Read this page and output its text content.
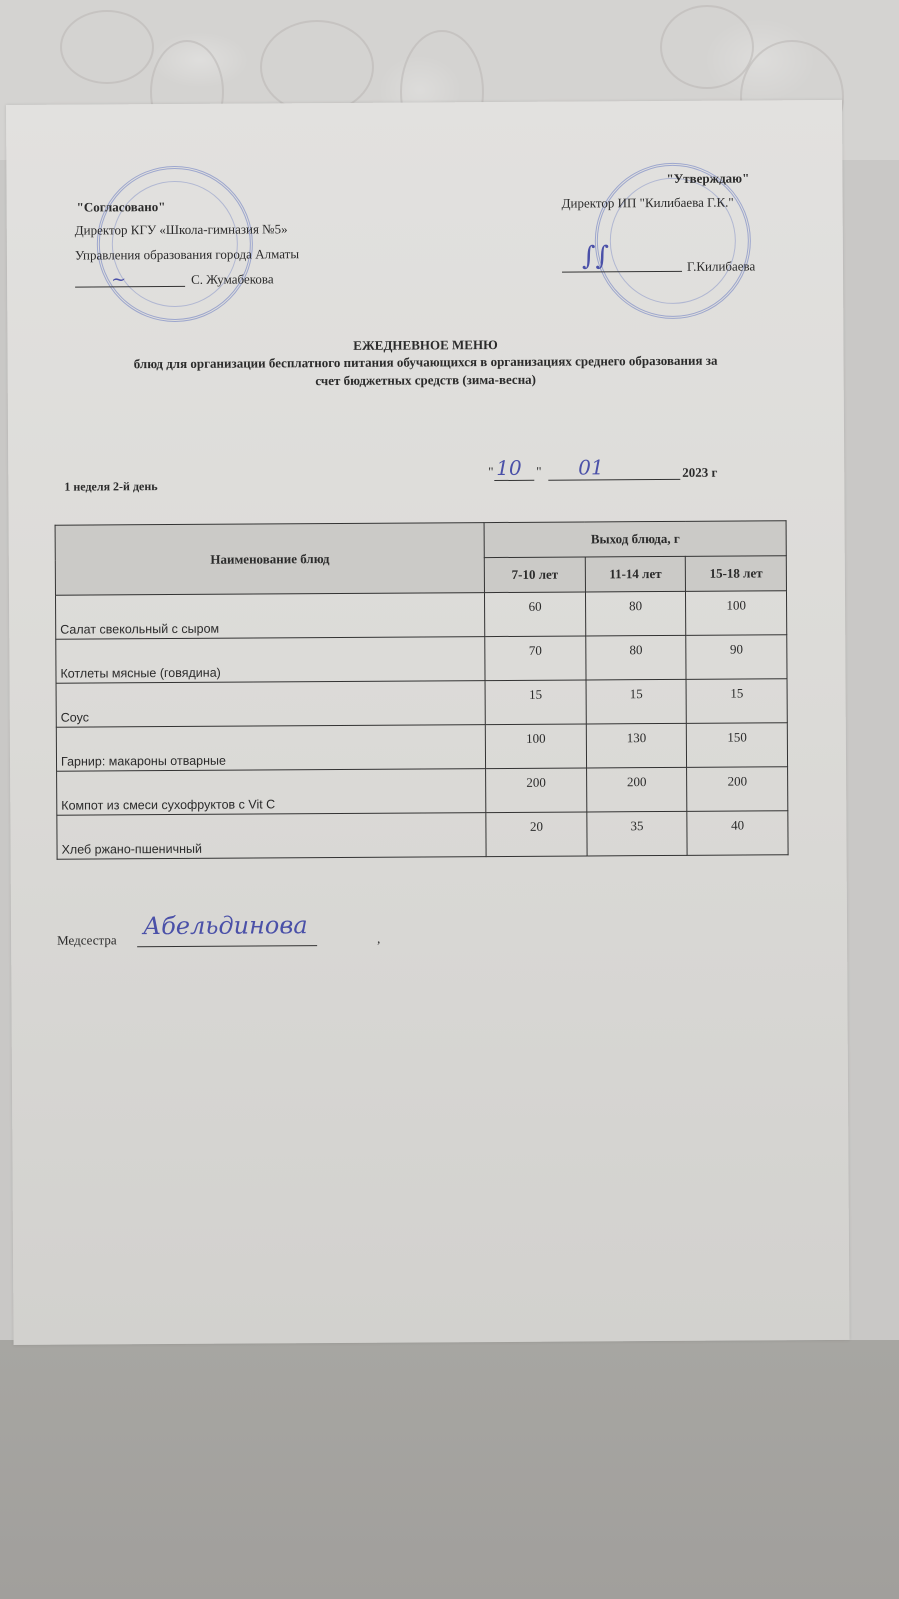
"Согласовано"
Директор КГУ «Школа-гимназия №5»
Управления образования города Алматы
~	С. Жумабекова
"Утверждаю"
Директор ИП "Килибаева Г.К."
∫∫	Г.Килибаева
ЕЖЕДНЕВНОЕ МЕНЮ
блюд для организации бесплатного питания обучающихся в организациях среднего образования за
счет бюджетных средств (зима-весна)
1 неделя 2-й день
" 10 " 01	2023 г
Наименование блюд	Выход блюда, г		
	7-10 лет	11-14 лет	15-18 лет
Салат свекольный с сыром	60	80	100
Котлеты мясные (говядина)	70	80	90
Соус	15	15	15
Гарнир: макароны отварные	100	130	150
Компот из смеси сухофруктов с Vit C	200	200	200
Хлеб ржано-пшеничный	20	35	40
Медсестра Абельдинова	,
